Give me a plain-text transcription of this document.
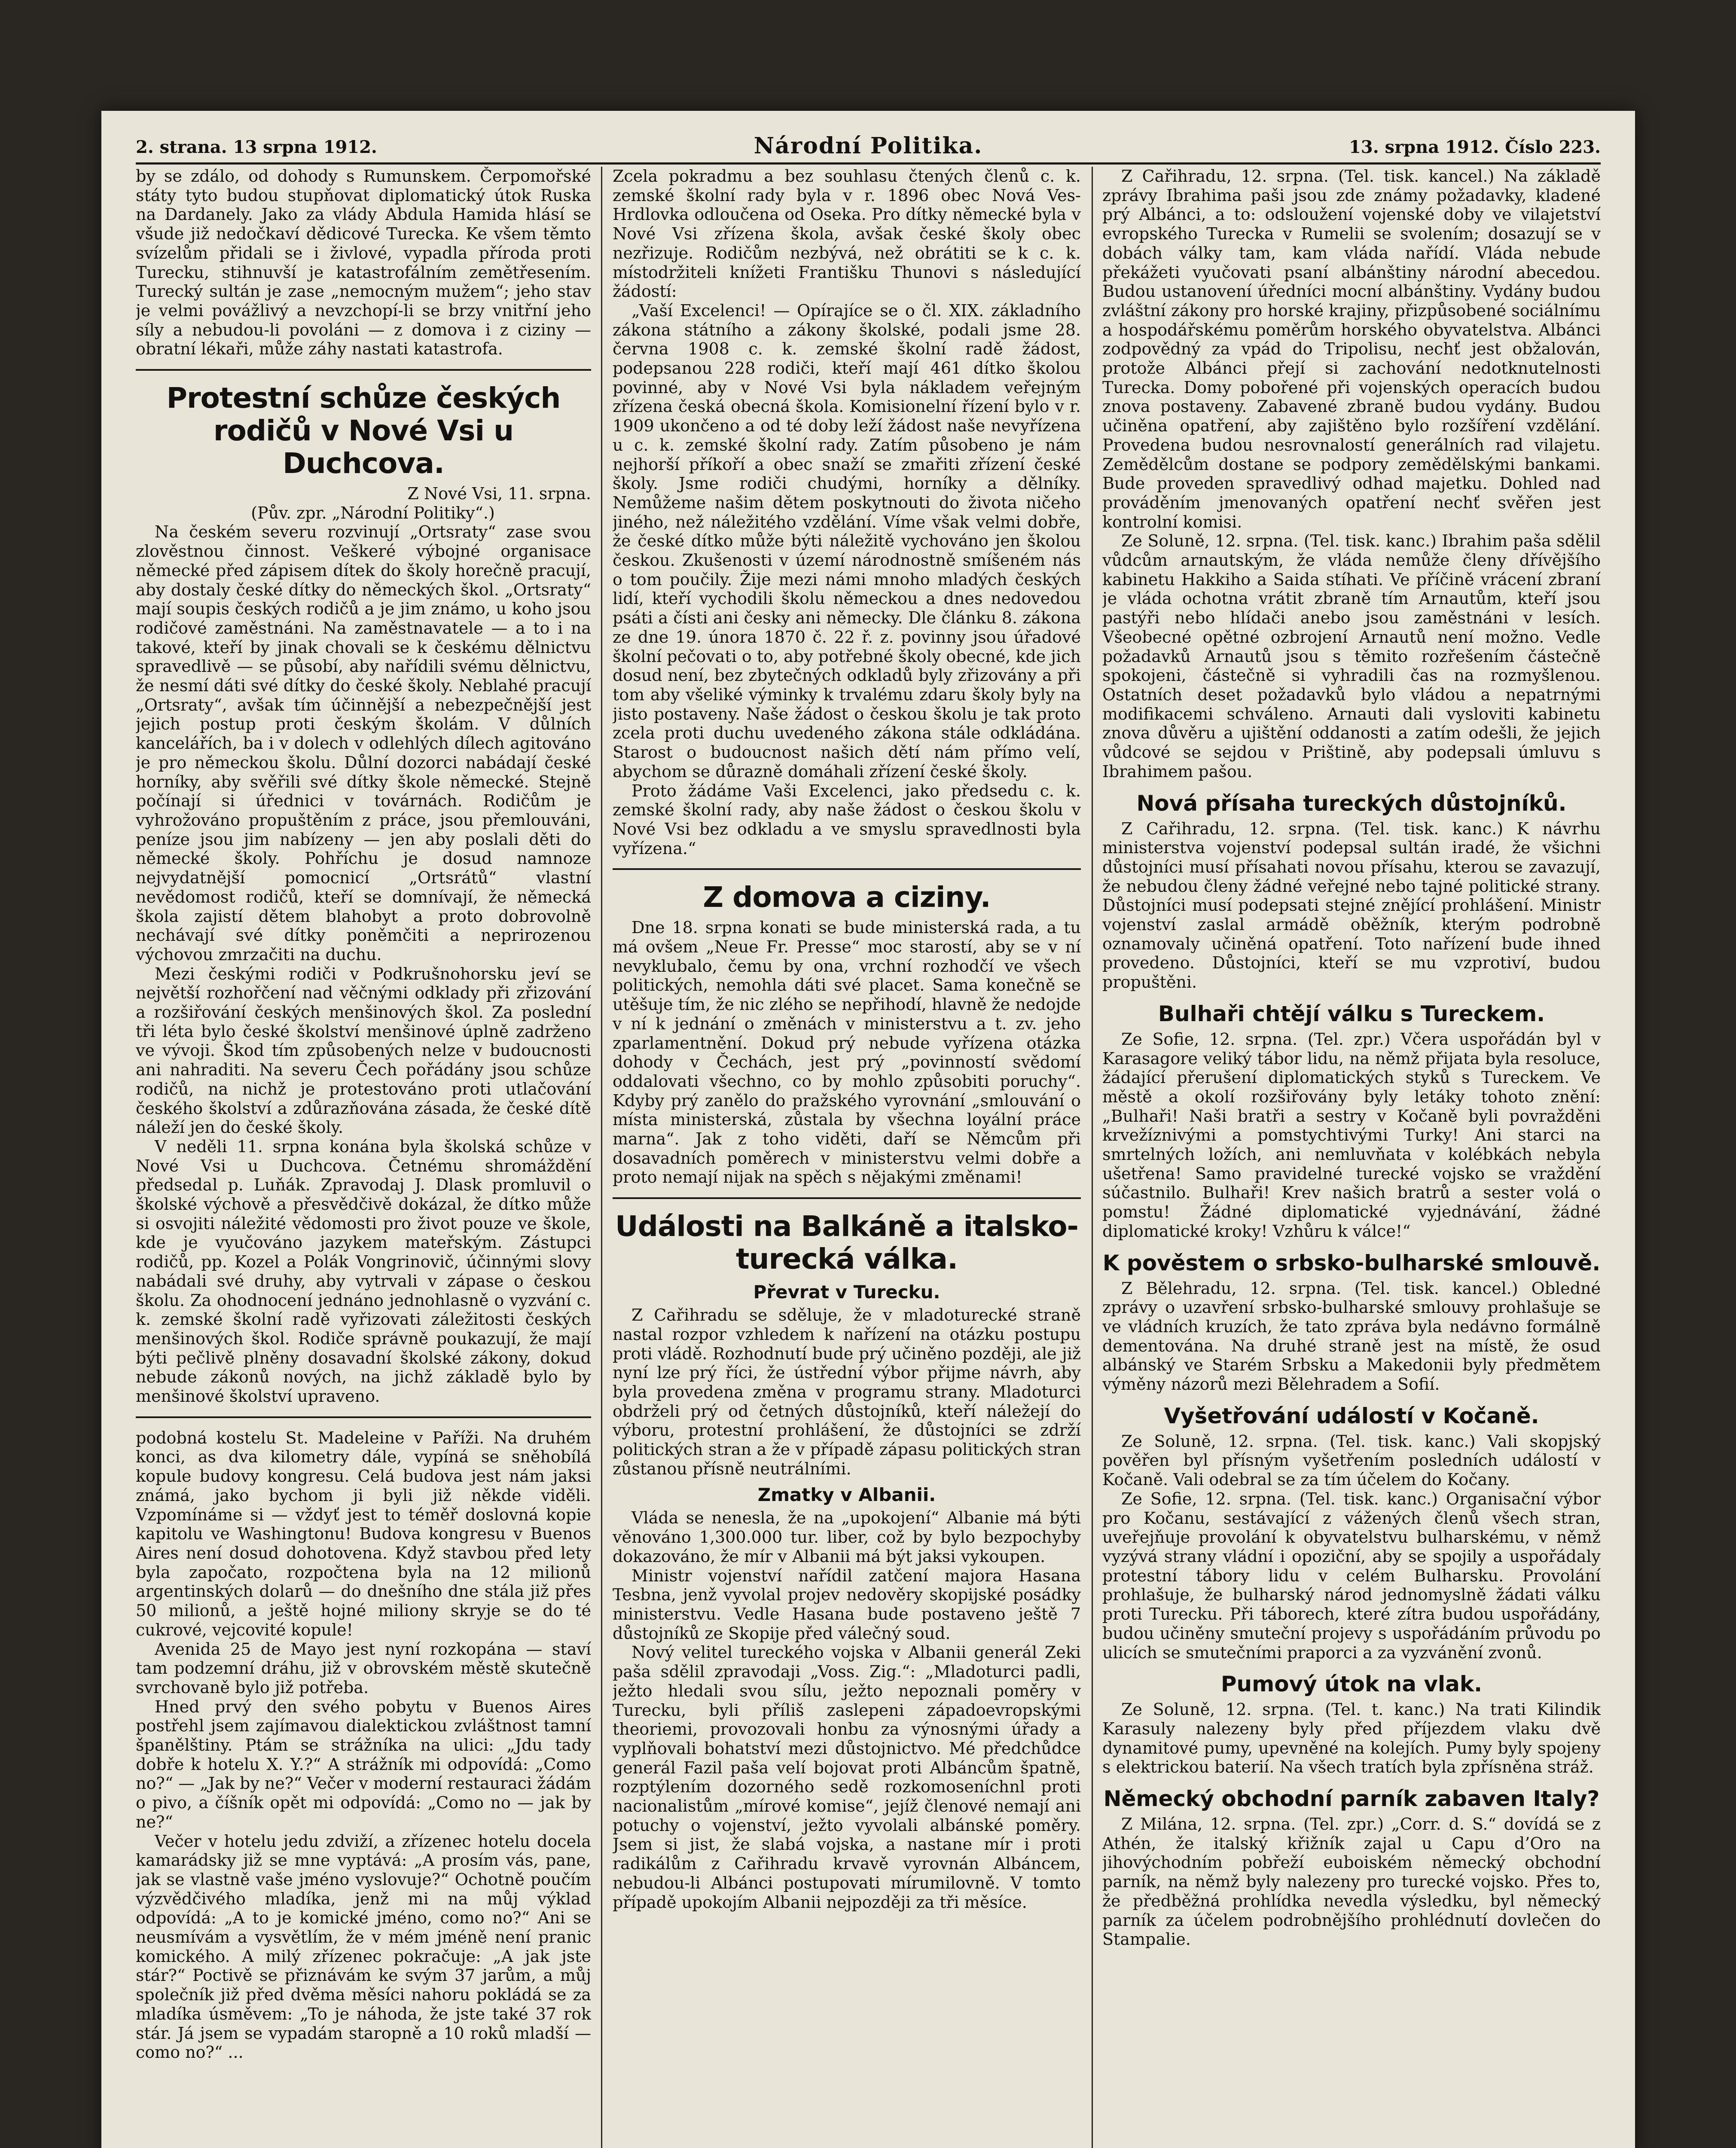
2. strana. 13 srpna 1912.	Národní Politika.	13. srpna 1912. Číslo 223.

by se zdálo, od dohody s Rumunskem. Čerpomořské státy tyto budou stupňovat diplomatický útok Ruska na Dardanely. Jako za vlády Abdula Hamida hlásí se všude již nedočkaví dědicové Turecka. Ke všem těmto svízelům přidali se i živlové, vypadla příroda proti Turecku, stihnuvší je katastrofálním zemětřesením. Turecký sultán je zase „nemocným mužem“; jeho stav je velmi povážlivý a nevzchopí-li se brzy vnitřní jeho síly a nebudou-li povoláni — z domova i z ciziny — obratní lékaři, může záhy nastati katastrofa.

Protestní schůze českých rodičů v Nové Vsi u Duchcova.

Z Nové Vsi, 11. srpna.

(Pův. zpr. „Národní Politiky“.)

Na českém severu rozvinují „Ortsraty“ zase svou zlověstnou činnost. Veškeré výbojné organisace německé před zápisem dítek do školy horečně pracují, aby dostaly české dítky do německých škol. „Ortsraty“ mají soupis českých rodičů a je jim známo, u koho jsou rodičové zaměstnáni. Na zaměstnavatele — a to i na takové, kteří by jinak chovali se k českému dělnictvu spravedlivě — se působí, aby nařídili svému dělnictvu, že nesmí dáti své dítky do české školy. Neblahé pracují „Ortsraty“, avšak tím účinnější a nebezpečnější jest jejich postup proti českým školám. V důlních kancelářích, ba i v dolech v odlehlých dílech agitováno je pro německou školu. Důlní dozorci nabádají české horníky, aby svěřili své dítky škole německé. Stejně počínají si úřednici v továrnách. Rodičům je vyhrožováno propuštěním z práce, jsou přemlouváni, peníze jsou jim nabízeny — jen aby poslali děti do německé školy. Pohříchu je dosud namnoze nejvydatnější pomocnicí „Ortsrátů“ vlastní nevědomost rodičů, kteří se domnívají, že německá škola zajistí dětem blahobyt a proto dobrovolně nechávají své dítky poněmčiti a neprirozenou výchovou zmrzačiti na duchu.

Mezi českými rodiči v Podkrušnohorsku jeví se největší rozhořčení nad věčnými odklady při zřizování a rozšiřování českých menšinových škol. Za poslední tři léta bylo české školství menšinové úplně zadrženo ve vývoji. Škod tím způsobených nelze v budoucnosti ani nahraditi. Na severu Čech pořádány jsou schůze rodičů, na nichž je protestováno proti utlačování českého školství a zdůrazňována zásada, že české dítě náleží jen do české školy.

V neděli 11. srpna konána byla školská schůze v Nové Vsi u Duchcova. Četnému shromáždění předsedal p. Luňák. Zpravodaj J. Dlask promluvil o školské výchově a přesvědčivě dokázal, že dítko může si osvojiti náležité vědomosti pro život pouze ve škole, kde je vyučováno jazykem mateřským. Zástupci rodičů, pp. Kozel a Polák Vongrinovič, účinnými slovy nabádali své druhy, aby vytrvali v zápase o českou školu. Za ohodnocení jednáno jednohlasně o vyzvání c. k. zemské školní radě vyřizovati záležitosti českých menšinových škol. Rodiče správně poukazují, že mají býti pečlivě plněny dosavadní školské zákony, dokud nebude zákonů nových, na jichž základě bylo by menšinové školství upraveno.

podobná kostelu St. Madeleine v Paříži. Na druhém konci, as dva kilometry dále, vypíná se sněhobílá kopule budovy kongresu. Celá budova jest nám jaksi známá, jako bychom ji byli již někde viděli. Vzpomínáme si — vždyť jest to téměř doslovná kopie kapitolu ve Washingtonu! Budova kongresu v Buenos Aires není dosud dohotovena. Když stavbou před lety byla započato, rozpočtena byla na 12 milionů argentinských dolarů — do dnešního dne stála již přes 50 milionů, a ještě hojné miliony skryje se do té cukrové, vejcovité kopule!

Avenida 25 de Mayo jest nyní rozkopána — staví tam podzemní dráhu, již v obrovském městě skutečně svrchovaně bylo již potřeba.

Hned prvý den svého pobytu v Buenos Aires postřehl jsem zajímavou dialektickou zvláštnost tamní španělštiny. Ptám se strážníka na ulici: „Jdu tady dobře k hotelu X. Y.?“ A strážník mi odpovídá: „Como no?“ — „Jak by ne?“ Večer v moderní restauraci žádám o pivo, a číšník opět mi odpovídá: „Como no — jak by ne?“

Večer v hotelu jedu zdviží, a zřízenec hotelu docela kamarádsky již se mne vyptává: „A prosím vás, pane, jak se vlastně vaše jméno vyslovuje?“ Ochotně poučím výzvědčivého mladíka, jenž mi na můj výklad odpovídá: „A to je komické jméno, como no?“ Ani se neusmívám a vysvětlím, že v mém jméně není pranic komického. A milý zřízenec pokračuje: „A jak jste stár?“ Poctivě se přiznávám ke svým 37 jarům, a můj společník již před dvěma měsíci nahoru pokládá se za mladíka úsměvem: „To je náhoda, že jste také 37 rok stár. Já jsem se vypadám staropně a 10 roků mladší — como no?“ ...

Zcela pokradmu a bez souhlasu čtených členů c. k. zemské školní rady byla v r. 1896 obec Nová Ves-Hrdlovka odloučena od Oseka. Pro dítky německé byla v Nové Vsi zřízena škola, avšak české školy obec nezřizuje. Rodičům nezbývá, než obrátiti se k c. k. místodržiteli knížeti Františku Thunovi s následující žádostí:

„Vaší Excelenci! — Opírajíce se o čl. XIX. základního zákona státního a zákony školské, podali jsme 28. června 1908 c. k. zemské školní radě žádost, podepsanou 228 rodiči, kteří mají 461 dítko školou povinné, aby v Nové Vsi byla nákladem veřejným zřízena česká obecná škola. Komisionelní řízení bylo v r. 1909 ukončeno a od té doby leží žádost naše nevyřízena u c. k. zemské školní rady. Zatím působeno je nám nejhorší příkoří a obec snaží se zmařiti zřízení české školy. Jsme rodiči chudými, horníky a dělníky. Nemůžeme našim dětem poskytnouti do života ničeho jiného, než náležitého vzdělání. Víme však velmi dobře, že české dítko může býti náležitě vychováno jen školou českou. Zkušenosti v území národnostně smíšeném nás o tom poučily. Žije mezi námi mnoho mladých českých lidí, kteří vychodili školu německou a dnes nedovedou psáti a čísti ani česky ani německy. Dle článku 8. zákona ze dne 19. února 1870 č. 22 ř. z. povinny jsou úřadové školní pečovati o to, aby potřebné školy obecné, kde jich dosud není, bez zbytečných odkladů byly zřizovány a při tom aby všeliké výminky k trvalému zdaru školy byly na jisto postaveny. Naše žádost o českou školu je tak proto zcela proti duchu uvedeného zákona stále odkládána. Starost o budoucnost našich dětí nám přímo velí, abychom se důrazně domáhali zřízení české školy.

Proto žádáme Vaši Excelenci, jako předsedu c. k. zemské školní rady, aby naše žádost o českou školu v Nové Vsi bez odkladu a ve smyslu spravedlnosti byla vyřízena.“

Z domova a ciziny.

Dne 18. srpna konati se bude ministerská rada, a tu má ovšem „Neue Fr. Presse“ moc starostí, aby se v ní nevyklubalo, čemu by ona, vrchní rozhodčí ve všech politických, nemohla dáti své placet. Sama konečně se utěšuje tím, že nic zlého se nepřihodí, hlavně že nedojde v ní k jednání o změnách v ministerstvu a t. zv. jeho zparlamentnění. Dokud prý nebude vyřízena otázka dohody v Čechách, jest prý „povinností svědomí oddalovati všechno, co by mohlo způsobiti poruchy“. Kdyby prý zanělo do pražského vyrovnání „smlouvání o místa ministerská, zůstala by všechna loyální práce marna“. Jak z toho viděti, daří se Němcům při dosavadních poměrech v ministerstvu velmi dobře a proto nemají nijak na spěch s nějakými změnami!

Události na Balkáně a italsko-turecká válka.
Převrat v Turecku.

Z Cařihradu se sděluje, že v mladoturecké straně nastal rozpor vzhledem k nařízení na otázku postupu proti vládě. Rozhodnutí bude prý učiněno později, ale již nyní lze prý říci, že ústřední výbor přijme návrh, aby byla provedena změna v programu strany. Mladoturci obdrželi prý od četných důstojníků, kteří náležejí do výboru, protestní prohlášení, že důstojníci se zdrží politických stran a že v případě zápasu politických stran zůstanou přísně neutrálními.

Zmatky v Albanii.

Vláda se nenesla, že na „upokojení“ Albanie má býti věnováno 1,300.000 tur. liber, což by bylo bezpochyby dokazováno, že mír v Albanii má být jaksi vykoupen.

Ministr vojenství nařídil zatčení majora Hasana Tesbna, jenž vyvolal projev nedověry skopijské posádky ministerstvu. Vedle Hasana bude postaveno ještě 7 důstojníků ze Skopije před válečný soud.

Nový velitel tureckého vojska v Albanii generál Zeki paša sdělil zpravodaji „Voss. Zig.“: „Mladoturci padli, ježto hledali svou sílu, ježto nepoznali poměry v Turecku, byli příliš zaslepeni západoevropskými theoriemi, provozovali honbu za výnosnými úřady a vyplňovali bohatství mezi důstojnictvo. Mé předchůdce generál Fazil paša velí bojovat proti Albáncům špatně, rozptýlením dozorného sedě rozkomoseníchnl proti nacionalistům „mírové komise“, jejíž členové nemají ani potuchy o vojenství, ježto vyvolali albánské poměry. Jsem si jist, že slabá vojska, a nastane mír i proti radikálům z Cařihradu krvavě vyrovnán Albáncem, nebudou-li Albánci postupovati mírumilovně. V tomto případě upokojím Albanii nejpozději za tři měsíce.

Z Cařihradu, 12. srpna. (Tel. tisk. kancel.) Na základě zprávy Ibrahima paši jsou zde známy požadavky, kladené prý Albánci, a to: odsloužení vojenské doby ve vilajetství evropského Turecka v Rumelii se svolením; dosazují se v dobách války tam, kam vláda nařídí. Vláda nebude překážeti vyučovati psaní albánštiny národní abecedou. Budou ustanovení úředníci mocní albánštiny. Vydány budou zvláštní zákony pro horské krajiny, přizpůsobené sociálnímu a hospodářskému poměrům horského obyvatelstva. Albánci zodpovědný za vpád do Tripolisu, nechť jest obžalován, protože Albánci přejí si zachování nedotknutelnosti Turecka. Domy pobořené při vojenských operacích budou znova postaveny. Zabavené zbraně budou vydány. Budou učiněna opatření, aby zajištěno bylo rozšíření vzdělání. Provedena budou nesrovnalostí generálních rad vilajetu. Zemědělcům dostane se podpory zemědělskými bankami. Bude proveden spravedlivý odhad majetku. Dohled nad prováděním jmenovaných opatření nechť svěřen jest kontrolní komisi.

Ze Soluně, 12. srpna. (Tel. tisk. kanc.) Ibrahim paša sdělil vůdcům arnautským, že vláda nemůže členy dřívějšího kabinetu Hakkiho a Saida stíhati. Ve příčině vrácení zbraní je vláda ochotna vrátit zbraně tím Arnautům, kteří jsou pastýři nebo hlídači anebo jsou zaměstnáni v lesích. Všeobecné opětné ozbrojení Arnautů není možno. Vedle požadavků Arnautů jsou s těmito rozřešením částečně spokojeni, částečně si vyhradili čas na rozmyšlenou. Ostatních deset požadavků bylo vládou a nepatrnými modifikacemi schváleno. Arnauti dali vysloviti kabinetu znova důvěru a ujištění oddanosti a zatím odešli, že jejich vůdcové se sejdou v Prištině, aby podepsali úmluvu s Ibrahimem pašou.

Nová přísaha tureckých důstojníků.

Z Cařihradu, 12. srpna. (Tel. tisk. kanc.) K návrhu ministerstva vojenství podepsal sultán iradé, že všichni důstojníci musí přísahati novou přísahu, kterou se zavazují, že nebudou členy žádné veřejné nebo tajné politické strany. Důstojníci musí podepsati stejné znějící prohlášení. Ministr vojenství zaslal armádě oběžník, kterým podrobně oznamovaly učiněná opatření. Toto nařízení bude ihned provedeno. Důstojníci, kteří se mu vzprotiví, budou propuštěni.

Bulhaři chtějí válku s Tureckem.

Ze Sofie, 12. srpna. (Tel. zpr.) Včera uspořádán byl v Karasagore veliký tábor lidu, na němž přijata byla resoluce, žádající přerušení diplomatických styků s Tureckem. Ve městě a okolí rozšiřovány byly letáky tohoto znění: „Bulhaři! Naši bratři a sestry v Kočaně byli povražděni krvežíznivými a pomstychtivými Turky! Ani starci na smrtelných ložích, ani nemluvňata v kolébkách nebyla ušetřena! Samo pravidelné turecké vojsko se vraždění súčastnilo. Bulhaři! Krev našich bratrů a sester volá o pomstu! Žádné diplomatické vyjednávání, žádné diplomatické kroky! Vzhůru k válce!“

K pověstem o srbsko-bulharské smlouvě.

Z Bělehradu, 12. srpna. (Tel. tisk. kancel.) Obledné zprávy o uzavření srbsko-bulharské smlouvy prohlašuje se ve vládních kruzích, že tato zpráva byla nedávno formálně dementována. Na druhé straně jest na místě, že osud albánský ve Starém Srbsku a Makedonii byly předmětem výměny názorů mezi Bělehradem a Sofií.

Vyšetřování událostí v Kočaně.

Ze Soluně, 12. srpna. (Tel. tisk. kanc.) Vali skopjský pověřen byl přísným vyšetřením posledních událostí v Kočaně. Vali odebral se za tím účelem do Kočany.

Ze Sofie, 12. srpna. (Tel. tisk. kanc.) Organisační výbor pro Kočanu, sestávající z vážených členů všech stran, uveřejňuje provolání k obyvatelstvu bulharskému, v němž vyzývá strany vládní i opoziční, aby se spojily a uspořádaly protestní tábory lidu v celém Bulharsku. Provolání prohlašuje, že bulharský národ jednomyslně žádati válku proti Turecku. Při táborech, které zítra budou uspořádány, budou učiněny smuteční projevy s uspořádáním průvodu po ulicích se smutečními praporci a za vyzvánění zvonů.

Pumový útok na vlak.

Ze Soluně, 12. srpna. (Tel. t. kanc.) Na trati Kilindik Karasuly nalezeny byly před příjezdem vlaku dvě dynamitové pumy, upevněné na kolejích. Pumy byly spojeny s elektrickou baterií. Na všech tratích byla zpřísněna stráž.

Německý obchodní parník zabaven Italy?

Z Milána, 12. srpna. (Tel. zpr.) „Corr. d. S.“ dovídá se z Athén, že italský křižník zajal u Capu d’Oro na jihovýchodním pobřeží euboiském německý obchodní parník, na němž byly nalezeny pro turecké vojsko. Přes to, že předběžná prohlídka nevedla výsledku, byl německý parník za účelem podrobnějšího prohlédnutí dovlečen do Stampalie.
